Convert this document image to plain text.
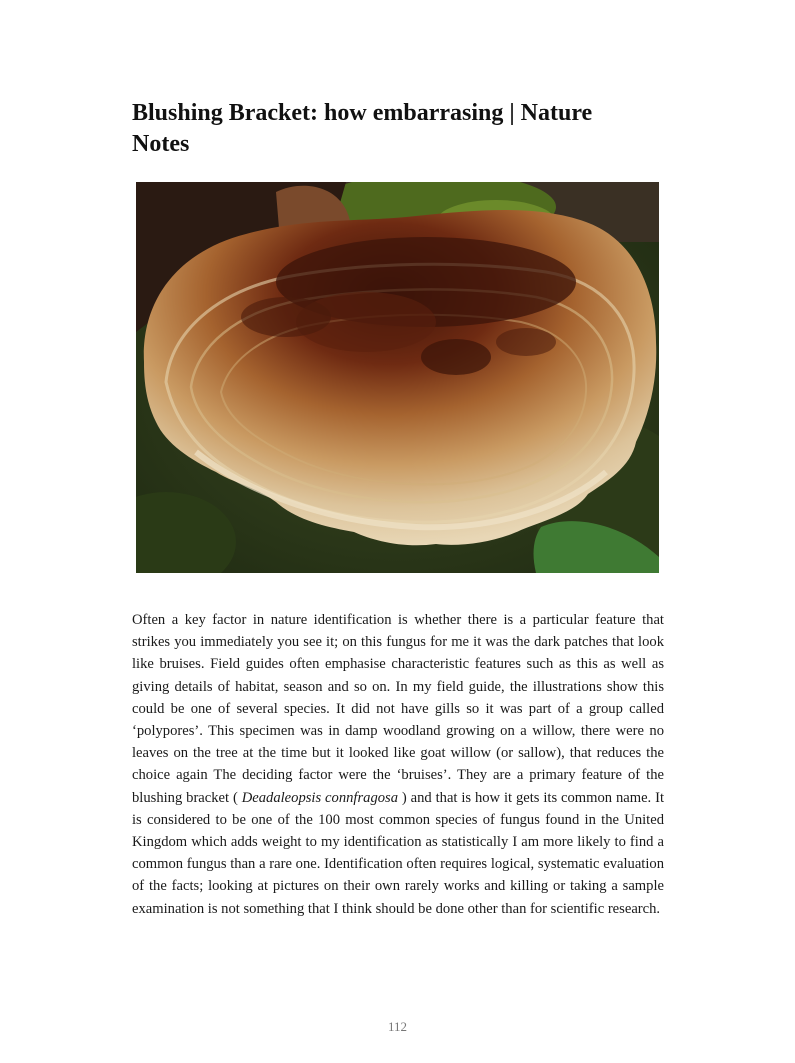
Blushing Bracket: how embarrasing | Nature Notes

Often a key factor in nature identification is whether there is a particular feature that strikes you immediately you see it; on this fungus for me it was the dark patches that look like bruises. Field guides often emphasise characteristic features such as this as well as giving details of habitat, season and so on. In my field guide, the illustrations show this could be one of several species. It did not have gills so it was part of a group called ‘polypores’. This specimen was in damp woodland growing on a willow, there were no leaves on the tree at the time but it looked like goat willow (or sallow), that reduces the choice again The deciding factor were the ‘bruises’. They are a primary feature of the blushing bracket ( Deadaleopsis connfragosa ) and that is how it gets its common name. It is considered to be one of the 100 most common species of fungus found in the United Kingdom which adds weight to my identification as statistically I am more likely to find a common fungus than a rare one. Identification often requires logical, systematic evaluation of the facts; looking at pictures on their own rarely works and killing or taking a sample examination is not something that I think should be done other than for scientific research.

112
